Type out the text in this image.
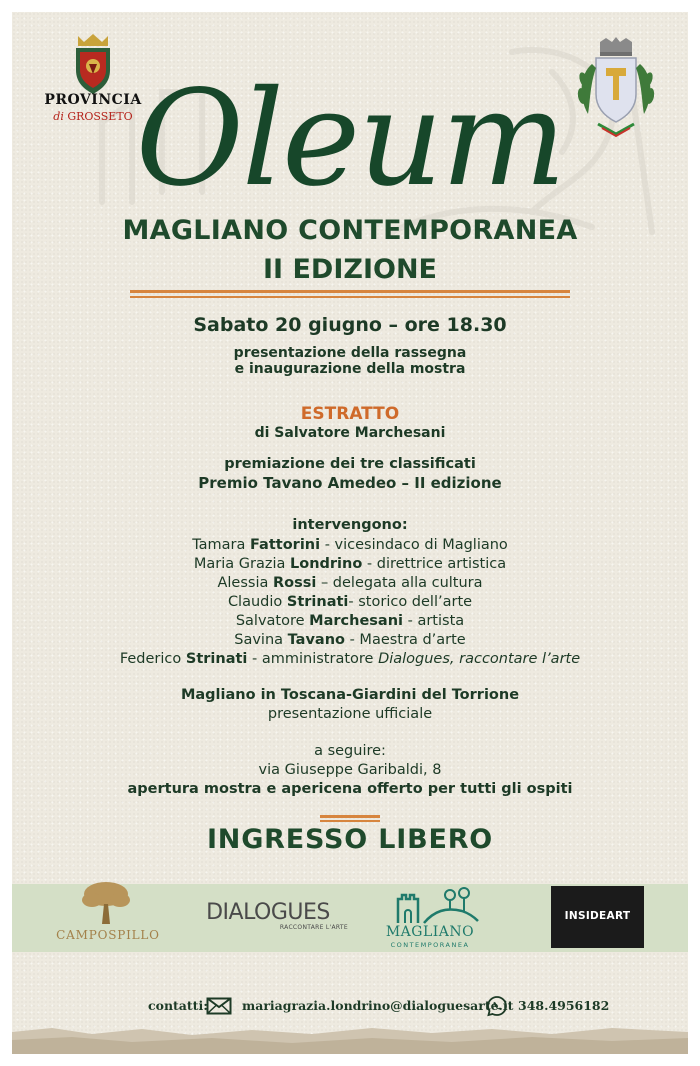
PROVINCIA
di GROSSETO Oleum
MAGLIANO CONTEMPORANEA
II EDIZIONE
Sabato 20 giugno – ore 18.30
presentazione della rassegna
e inaugurazione della mostra
ESTRATTO
di Salvatore Marchesani
premiazione dei tre classificati
Premio Tavano Amedeo – II edizione
intervengono:
Tamara Fattorini - vicesindaco di Magliano
Maria Grazia Londrino - direttrice artistica
Alessia Rossi – delegata alla cultura
Claudio Strinati- storico dell’arte
Salvatore Marchesani - artista
Savina Tavano - Maestra d’arte
Federico Strinati - amministratore Dialogues, raccontare l’arte
Magliano in Toscana-Giardini del Torrione
presentazione ufficiale
a seguire:
via Giuseppe Garibaldi, 8
apertura mostra e apericena offerto per tutti gli ospiti
INGRESSO LIBERO
CAMPOSPILLO
DIALOGUES
RACCONTARE L'ARTE	MAGLIANO
CONTEMPORANEA
INSIDEART
contatti:	mariagrazia.londrino@dialoguesarte.it 348.4956182
